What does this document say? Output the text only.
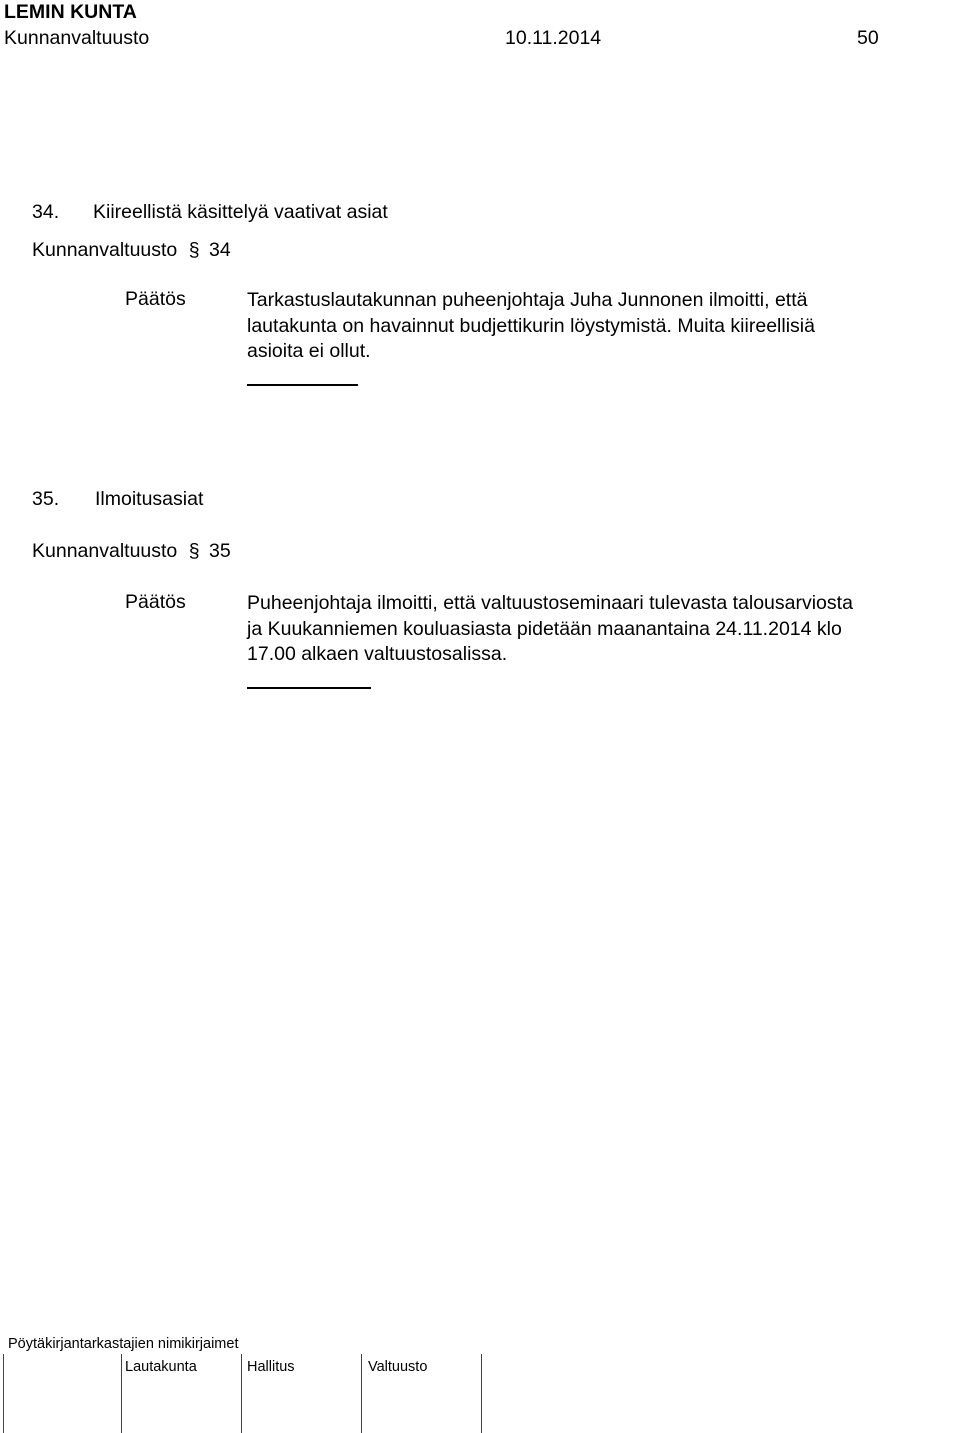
LEMIN KUNTA
Kunnanvaltuusto	10.11.2014	50
34. Kiireellistä käsittelyä vaativat asiat
Kunnanvaltuusto § 34
Päätös	Tarkastuslautakunnan puheenjohtaja Juha Junnonen ilmoitti, että
lautakunta on havainnut budjettikurin löystymistä. Muita kiireellisiä
asioita ei ollut.
35. Ilmoitusasiat
Kunnanvaltuusto § 35
Päätös	Puheenjohtaja ilmoitti, että valtuustoseminaari tulevasta talousarviosta
ja Kuukanniemen kouluasiasta pidetään maanantaina 24.11.2014 klo
17.00 alkaen valtuustosalissa.
Pöytäkirjantarkastajien nimikirjaimet
Lautakunta	Hallitus	Valtuusto
